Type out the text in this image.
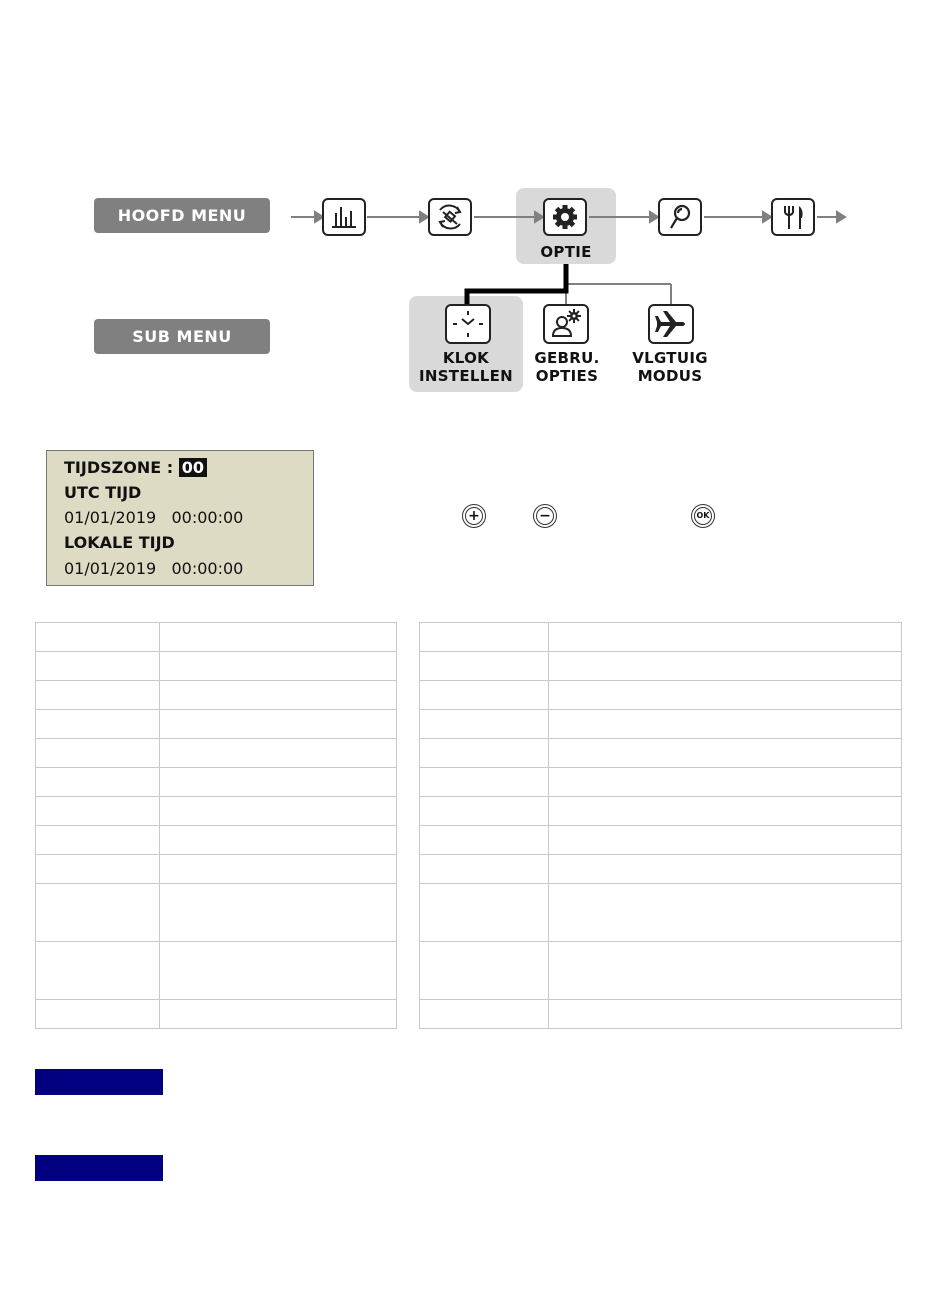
HOOFD MENU
SUB MENU
OPTIE
KLOK
INSTELLEN
GEBRU.
OPTIES
VLGTUIG
MODUS
TIJDSZONE : 00
UTC TIJD
01/01/2019   00:00:00
LOKALE TIJD
01/01/2019   00:00:00
+	−	OK
